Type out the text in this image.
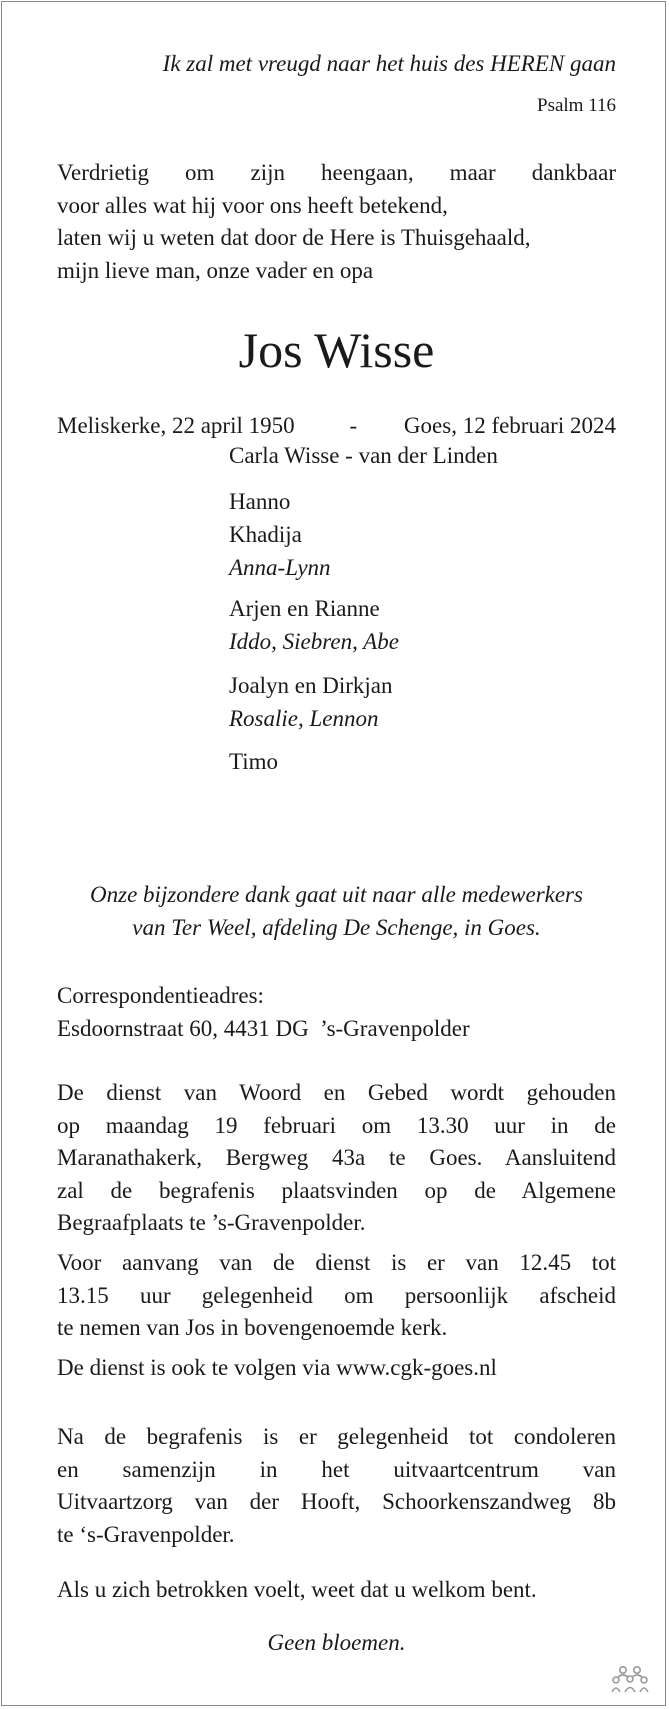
Ik zal met vreugd naar het huis des HEREN gaan
Psalm 116
Verdrietig om zijn heengaan, maar dankbaar
voor alles wat hij voor ons heeft betekend,
laten wij u weten dat door de Here is Thuisgehaald,
mijn lieve man, onze vader en opa
Jos Wisse
Meliskerke, 22 april 1950 - Goes, 12 februari 2024
Carla Wisse - van der Linden
Hanno
Khadija
Anna-Lynn
Arjen en Rianne
Iddo, Siebren, Abe
Joalyn en Dirkjan
Rosalie, Lennon
Timo
Onze bijzondere dank gaat uit naar alle medewerkers
van Ter Weel, afdeling De Schenge, in Goes.
Correspondentieadres:
Esdoornstraat 60, 4431 DG  ’s-Gravenpolder
De dienst van Woord en Gebed wordt gehouden
op maandag 19 februari om 13.30 uur in de
Maranathakerk, Bergweg 43a te Goes. Aansluitend
zal de begrafenis plaatsvinden op de Algemene
Begraafplaats te ’s-Gravenpolder.
Voor aanvang van de dienst is er van 12.45 tot
13.15 uur gelegenheid om persoonlijk afscheid
te nemen van Jos in bovengenoemde kerk.
De dienst is ook te volgen via www.cgk-goes.nl
Na de begrafenis is er gelegenheid tot condoleren
en samenzijn in het uitvaartcentrum van
Uitvaartzorg van der Hooft, Schoorkenszandweg 8b
te ‘s-Gravenpolder.
Als u zich betrokken voelt, weet dat u welkom bent.
Geen bloemen.
